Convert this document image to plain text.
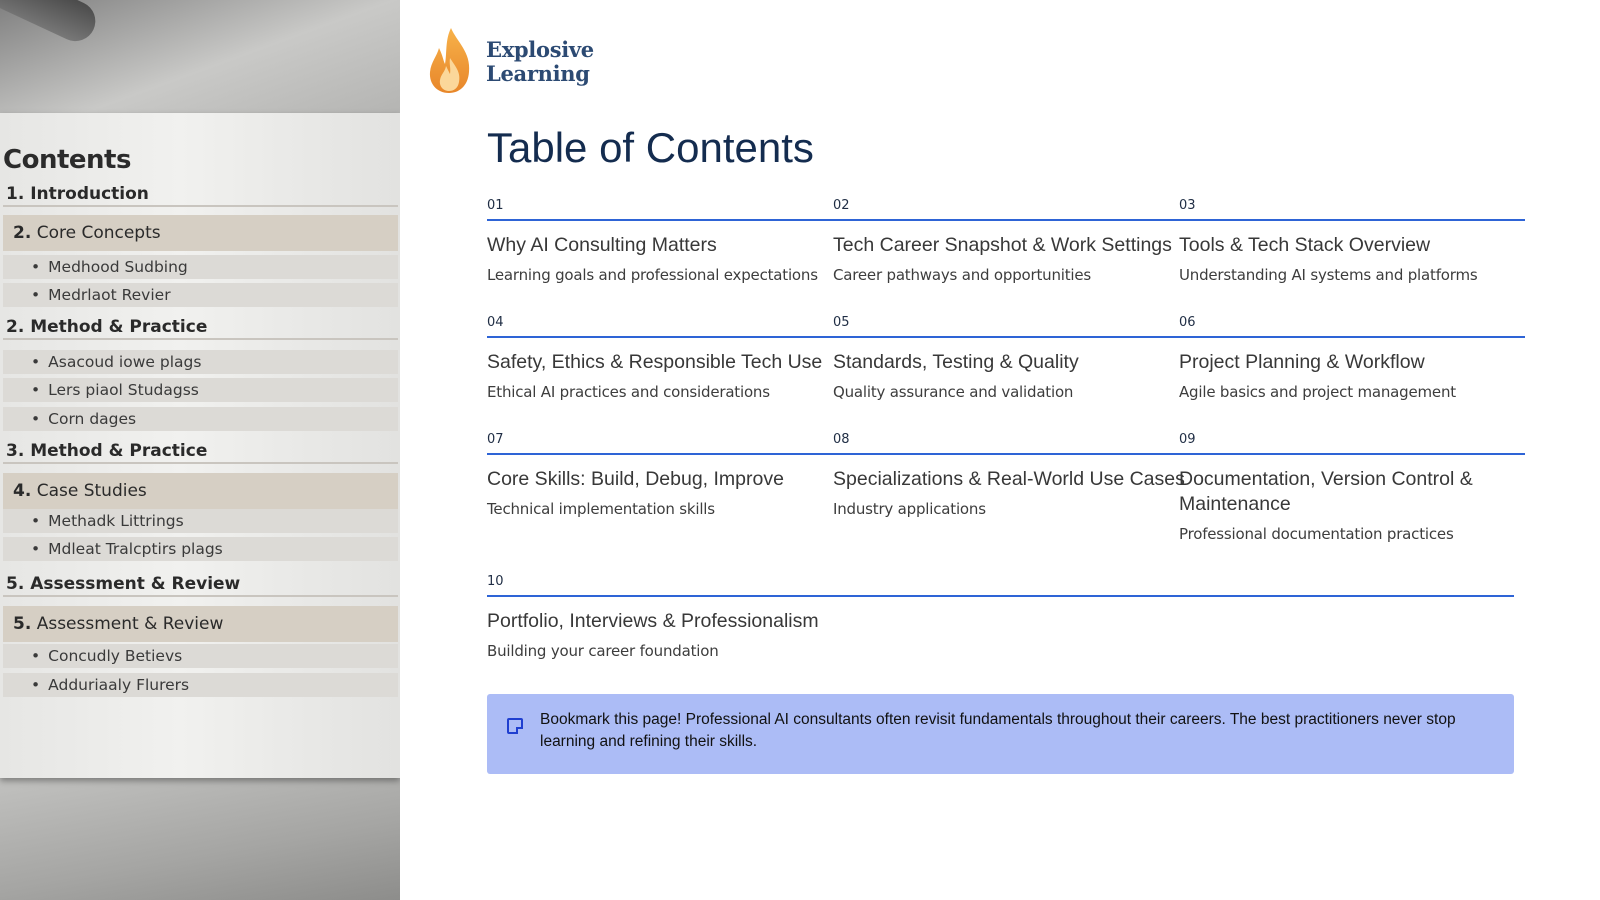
Contents
1. Introduction
2. Core Concepts
• Medhood Sudbing
• Medrlaot Revier
2. Method & Practice
• Asacoud iowe plags
• Lers piaol Studagss
• Corn dages
3. Method & Practice
4. Case Studies
• Methadk Littrings
• Mdleat Tralcptirs plags
5. Assessment & Review
5. Assessment & Review
• Concudly Betievs
• Adduriaaly Flurers
Explosive
Learning
Table of Contents
01
Why AI Consulting Matters
Learning goals and professional expectations
02
Tech Career Snapshot & Work Settings
Career pathways and opportunities
03
Tools & Tech Stack Overview
Understanding AI systems and platforms
04
Safety, Ethics & Responsible Tech Use
Ethical AI practices and considerations
05
Standards, Testing & Quality
Quality assurance and validation
06
Project Planning & Workflow
Agile basics and project management
07
Core Skills: Build, Debug, Improve
Technical implementation skills
08
Specializations & Real-World Use Cases
Industry applications
09
Documentation, Version Control & Maintenance
Professional documentation practices
10
Portfolio, Interviews & Professionalism
Building your career foundation
Bookmark this page! Professional AI consultants often revisit fundamentals throughout their careers. The best practitioners never stop learning and refining their skills.
